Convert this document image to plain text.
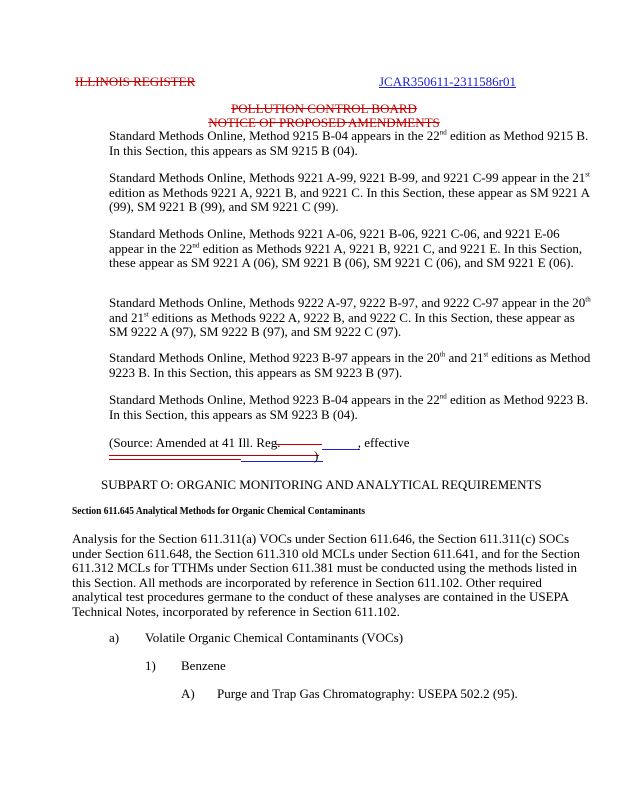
ILLINOIS REGISTER	JCAR350611-2311586r01
POLLUTION CONTROL BOARD
NOTICE OF PROPOSED AMENDMENTS
Standard Methods Online, Method 9215 B-04 appears in the 22nd edition as Method 9215 B. In this Section, this appears as SM 9215 B (04).
Standard Methods Online, Methods 9221 A-99, 9221 B-99, and 9221 C-99 appear in the 21st edition as Methods 9221 A, 9221 B, and 9221 C. In this Section, these appear as SM 9221 A (99), SM 9221 B (99), and SM 9221 C (99).
Standard Methods Online, Methods 9221 A-06, 9221 B-06, 9221 C-06, and 9221 E-06 appear in the 22nd edition as Methods 9221 A, 9221 B, 9221 C, and 9221 E. In this Section, these appear as SM 9221 A (06), SM 9221 B (06), SM 9221 C (06), and SM 9221 E (06).
Standard Methods Online, Methods 9222 A-97, 9222 B-97, and 9222 C-97 appear in the 20th and 21st editions as Methods 9222 A, 9222 B, and 9222 C. In this Section, these appear as SM 9222 A (97), SM 9222 B (97), and SM 9222 C (97).
Standard Methods Online, Method 9223 B-97 appears in the 20th and 21st editions as Method 9223 B. In this Section, this appears as SM 9223 B (97).
Standard Methods Online, Method 9223 B-04 appears in the 22nd edition as Method 9223 B. In this Section, this appears as SM 9223 B (04).
(Source: Amended at 41 Ill. Reg.	, effective
)
SUBPART O: ORGANIC MONITORING AND ANALYTICAL REQUIREMENTS
Section 611.645 Analytical Methods for Organic Chemical Contaminants
Analysis for the Section 611.311(a) VOCs under Section 611.646, the Section 611.311(c) SOCs under Section 611.648, the Section 611.310 old MCLs under Section 611.641, and for the Section 611.312 MCLs for TTHMs under Section 611.381 must be conducted using the methods listed in this Section. All methods are incorporated by reference in Section 611.102. Other required analytical test procedures germane to the conduct of these analyses are contained in the USEPA Technical Notes, incorporated by reference in Section 611.102.
a) Volatile Organic Chemical Contaminants (VOCs)
1) Benzene
A) Purge and Trap Gas Chromatography: USEPA 502.2 (95).
